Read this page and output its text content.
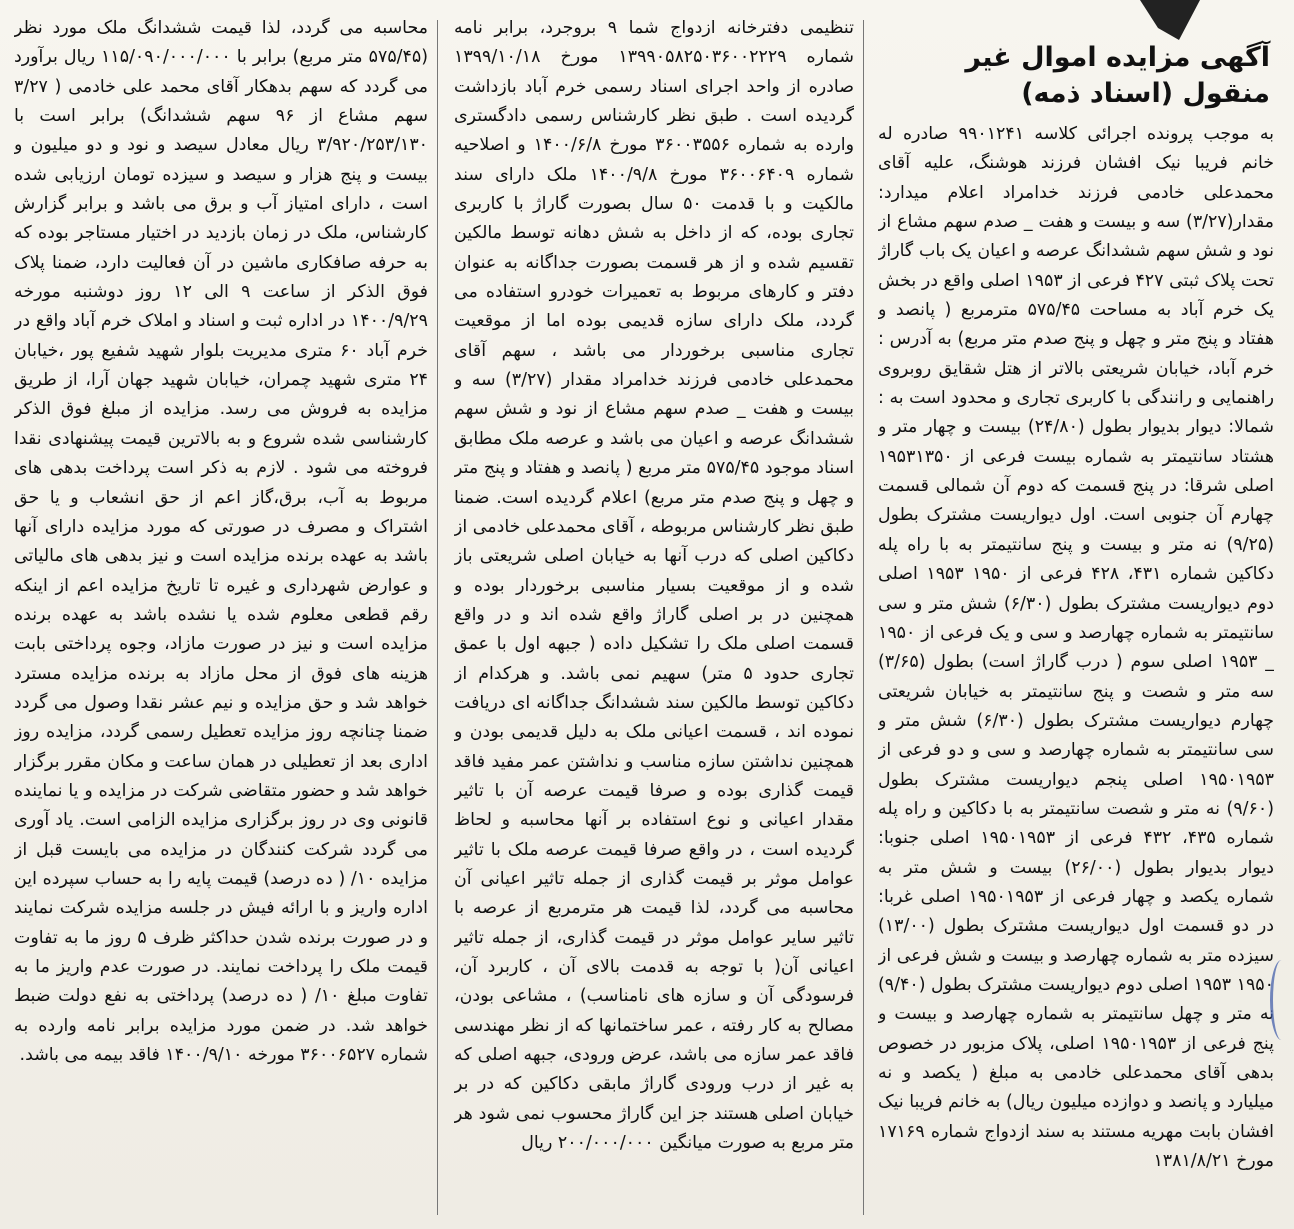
آگهی مزایده اموال غیر منقول (اسناد ذمه)
به موجب پرونده اجرائی کلاسه ۹۹۰۱۲۴۱ صادره له خانم فریبا نیک افشان فرزند هوشنگ، علیه آقای محمدعلی خادمی فرزند خدامراد اعلام میدارد: مقدار(۳/۲۷) سه و بیست و هفت _ صدم سهم مشاع از نود و شش سهم ششدانگ عرصه و اعیان یک باب گاراژ تحت پلاک ثبتی ۴۲۷ فرعی از ۱۹۵۳ اصلی واقع در بخش یک خرم آباد به مساحت ۵۷۵/۴۵ مترمربع ( پانصد و هفتاد و پنج متر و چهل و پنج صدم متر مربع) به آدرس : خرم آباد، خیابان شریعتی بالاتر از هتل شقایق روبروی راهنمایی و رانندگی با کاربری تجاری و محدود است به : شمالا: دیوار بدیوار بطول (۲۴/۸۰) بیست و چهار متر و هشتاد سانتیمتر به شماره بیست فرعی از ۱۹۵۳۱۳۵۰ اصلی شرقا: در پنج قسمت که دوم آن شمالی قسمت چهارم آن جنوبی است. اول دیواریست مشترک بطول (۹/۲۵) نه متر و بیست و پنج سانتیمتر به با راه پله دکاکین شماره ۴۳۱، ۴۲۸ فرعی از ۱۹۵۰ ۱۹۵۳ اصلی دوم دیواریست مشترک بطول (۶/۳۰) شش متر و سی سانتیمتر به شماره چهارصد و سی و یک فرعی از ۱۹۵۰ _ ۱۹۵۳ اصلی سوم ( درب گاراژ است) بطول (۳/۶۵) سه متر و شصت و پنج سانتیمتر به خیابان شریعتی چهارم دیواریست مشترک بطول (۶/۳۰) شش متر و سی سانتیمتر به شماره چهارصد و سی و دو فرعی از ۱۹۵۰۱۹۵۳ اصلی پنجم دیواریست مشترک بطول (۹/۶۰) نه متر و شصت سانتیمتر به با دکاکین و راه پله شماره ۴۳۵، ۴۳۲ فرعی از ۱۹۵۰۱۹۵۳ اصلی جنوبا: دیوار بدیوار بطول (۲۶/۰۰) بیست و شش متر به شماره یکصد و چهار فرعی از ۱۹۵۰۱۹۵۳ اصلی غربا: در دو قسمت اول دیواریست مشترک بطول (۱۳/۰۰) سیزده متر به شماره چهارصد و بیست و شش فرعی از ۱۹۵۰ ۱۹۵۳ اصلی دوم دیواریست مشترک بطول (۹/۴۰) نه متر و چهل سانتیمتر به شماره چهارصد و بیست و پنج فرعی از ۱۹۵۰۱۹۵۳ اصلی، پلاک مزبور در خصوص بدهی آقای محمدعلی خادمی به مبلغ ( یکصد و نه میلیارد و پانصد و دوازده میلیون ریال) به خانم فریبا نیک افشان بابت مهریه مستند به سند ازدواج شماره ۱۷۱۶۹ مورخ ۱۳۸۱/۸/۲۱
تنظیمی دفترخانه ازدواج شما ۹ بروجرد، برابر نامه شماره ۱۳۹۹۰۵۸۲۵۰۳۶۰۰۲۲۲۹ مورخ ۱۳۹۹/۱۰/۱۸ صادره از واحد اجرای اسناد رسمی خرم آباد بازداشت گردیده است . طبق نظر کارشناس رسمی دادگستری وارده به شماره ۳۶۰۰۳۵۵۶ مورخ ۱۴۰۰/۶/۸ و اصلاحیه شماره ۳۶۰۰۶۴۰۹ مورخ ۱۴۰۰/۹/۸ ملک دارای سند مالکیت و با قدمت ۵۰ سال بصورت گاراژ با کاربری تجاری بوده، که از داخل به شش دهانه توسط مالکین تقسیم شده و از هر قسمت بصورت جداگانه به عنوان دفتر و کارهای مربوط به تعمیرات خودرو استفاده می گردد، ملک دارای سازه قدیمی بوده اما از موقعیت تجاری مناسبی برخوردار می باشد ، سهم آقای محمدعلی خادمی فرزند خدامراد مقدار (۳/۲۷) سه و بیست و هفت _ صدم سهم مشاع از نود و شش سهم ششدانگ عرصه و اعیان می باشد و عرصه ملک مطابق اسناد موجود ۵۷۵/۴۵ متر مربع ( پانصد و هفتاد و پنج متر و چهل و پنج صدم متر مربع) اعلام گردیده است. ضمنا طبق نظر کارشناس مربوطه ، آقای محمدعلی خادمی از دکاکین اصلی که درب آنها به خیابان اصلی شریعتی باز شده و از موقعیت بسیار مناسبی برخوردار بوده و همچنین در بر اصلی گاراژ واقع شده اند و در واقع قسمت اصلی ملک را تشکیل داده ( جبهه اول با عمق تجاری حدود ۵ متر) سهیم نمی باشد. و هرکدام از دکاکین توسط مالکین سند ششدانگ جداگانه ای دریافت نموده اند ، قسمت اعیانی ملک به دلیل قدیمی بودن و همچنین نداشتن سازه مناسب و نداشتن عمر مفید فاقد قیمت گذاری بوده و صرفا قیمت عرصه آن با تاثیر مقدار اعیانی و نوع استفاده بر آنها محاسبه و لحاظ گردیده است ، در واقع صرفا قیمت عرصه ملک با تاثیر عوامل موثر بر قیمت گذاری از جمله تاثیر اعیانی آن محاسبه می گردد، لذا قیمت هر مترمربع از عرصه با تاثیر سایر عوامل موثر در قیمت گذاری، از جمله تاثیر اعیانی آن( با توجه به قدمت بالای آن ، کاربرد آن، فرسودگی آن و سازه های نامناسب) ، مشاعی بودن، مصالح به کار رفته ، عمر ساختمانها که از نظر مهندسی فاقد عمر سازه می باشد، عرض ورودی، جبهه اصلی که به غیر از درب ورودی گاراژ مابقی دکاکین که در بر خیابان اصلی هستند جز این گاراژ محسوب نمی شود هر متر مربع به صورت میانگین ۲۰۰/۰۰۰/۰۰۰ ریال
محاسبه می گردد، لذا قیمت ششدانگ ملک مورد نظر (۵۷۵/۴۵ متر مربع) برابر با ۱۱۵/۰۹۰/۰۰۰/۰۰۰ ریال برآورد می گردد که سهم بدهکار آقای محمد علی خادمی ( ۳/۲۷ سهم مشاع از ۹۶ سهم ششدانگ) برابر است با ۳/۹۲۰/۲۵۳/۱۳۰ ریال معادل سیصد و نود و دو میلیون و بیست و پنج هزار و سیصد و سیزده تومان ارزیابی شده است ، دارای امتیاز آب و برق می باشد و برابر گزارش کارشناس، ملک در زمان بازدید در اختیار مستاجر بوده که به حرفه صافکاری ماشین در آن فعالیت دارد، ضمنا پلاک فوق الذکر از ساعت ۹ الی ۱۲ روز دوشنبه مورخه ۱۴۰۰/۹/۲۹ در اداره ثبت و اسناد و املاک خرم آباد واقع در خرم آباد ۶۰ متری مدیریت بلوار شهید شفیع پور ،خیابان ۲۴ متری شهید چمران، خیابان شهید جهان آرا، از طریق مزایده به فروش می رسد. مزایده از مبلغ فوق الذکر کارشناسی شده شروع و به بالاترین قیمت پیشنهادی نقدا فروخته می شود . لازم به ذکر است پرداخت بدهی های مربوط به آب، برق،گاز اعم از حق انشعاب و یا حق اشتراک و مصرف در صورتی که مورد مزایده دارای آنها باشد به عهده برنده مزایده است و نیز بدهی های مالیاتی و عوارض شهرداری و غیره تا تاریخ مزایده اعم از اینکه رقم قطعی معلوم شده یا نشده باشد به عهده برنده مزایده است و نیز در صورت مازاد، وجوه پرداختی بابت هزینه های فوق از محل مازاد به برنده مزایده مسترد خواهد شد و حق مزایده و نیم عشر نقدا وصول می گردد ضمنا چنانچه روز مزایده تعطیل رسمی گردد، مزایده روز اداری بعد از تعطیلی در همان ساعت و مکان مقرر برگزار خواهد شد و حضور متقاضی شرکت در مزایده و یا نماینده قانونی وی در روز برگزاری مزایده الزامی است. یاد آوری می گردد شرکت کنندگان در مزایده می بایست قبل از مزایده ۱۰/ ( ده درصد) قیمت پایه را به حساب سپرده این اداره واریز و با ارائه فیش در جلسه مزایده شرکت نمایند و در صورت برنده شدن حداکثر ظرف ۵ روز ما به تفاوت قیمت ملک را پرداخت نمایند. در صورت عدم واریز ما به تفاوت مبلغ ۱۰/ ( ده درصد) پرداختی به نفع دولت ضبط خواهد شد. در ضمن مورد مزایده برابر نامه وارده به شماره ۳۶۰۰۶۵۲۷ مورخه ۱۴۰۰/۹/۱۰ فاقد بیمه می باشد.
